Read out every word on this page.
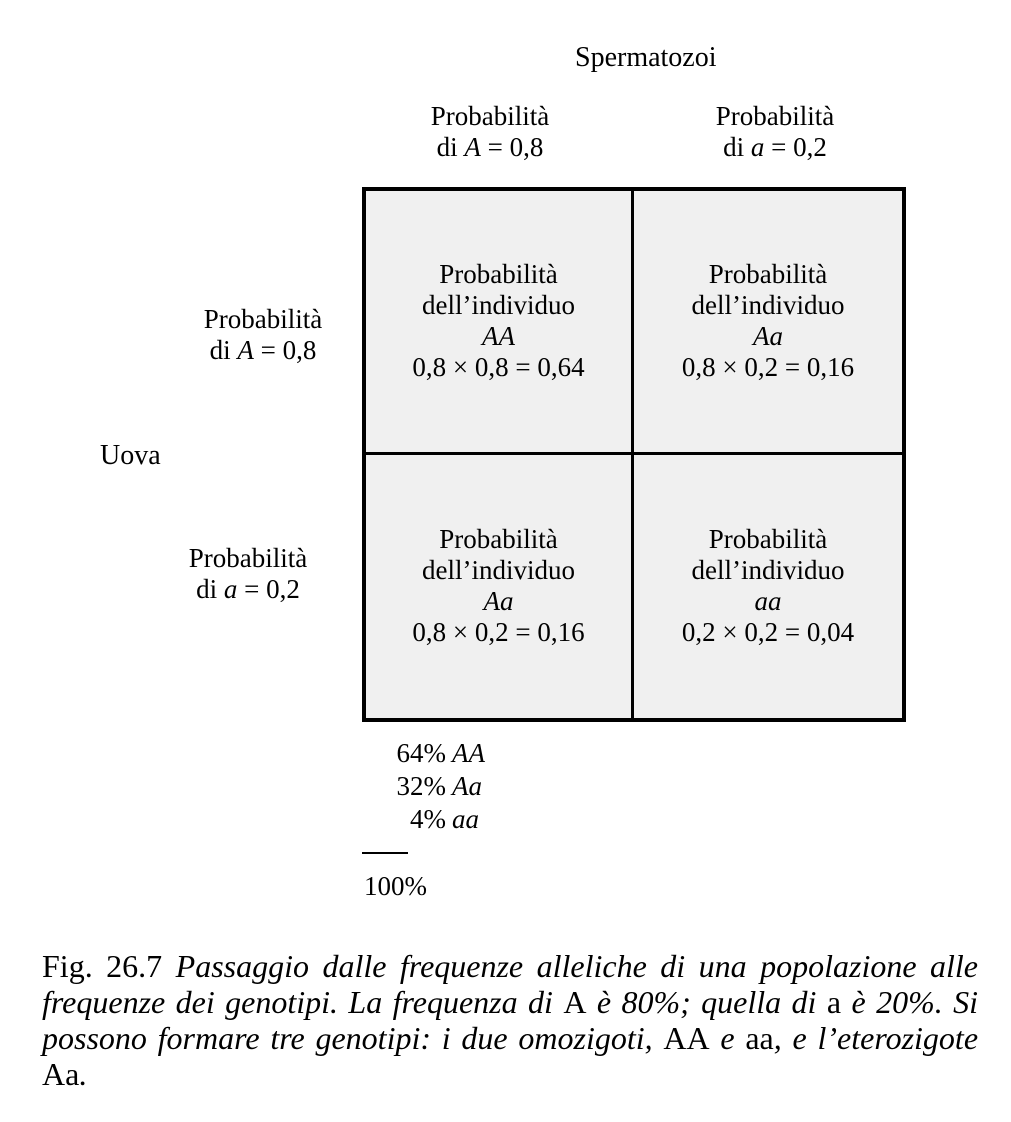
Spermatozoi
Probabilità
di A = 0,8
Probabilità
di a = 0,2
Uova
Probabilità
di A = 0,8
Probabilità
di a = 0,2
Probabilità
dell’individuo
AA
0,8 × 0,8 = 0,64
Probabilità
dell’individuo
Aa
0,8 × 0,2 = 0,16
Probabilità
dell’individuo
Aa
0,8 × 0,2 = 0,16
Probabilità
dell’individuo
aa
0,2 × 0,2 = 0,04
64% AA
32% Aa
4% aa
100%
Fig. 26.7 Passaggio dalle frequenze alleliche di una popolazione alle frequenze dei genotipi. La frequenza di A è 80%; quella di a è 20%. Si possono formare tre genotipi: i due omozigoti, AA e aa, e l’eterozigote Aa.
